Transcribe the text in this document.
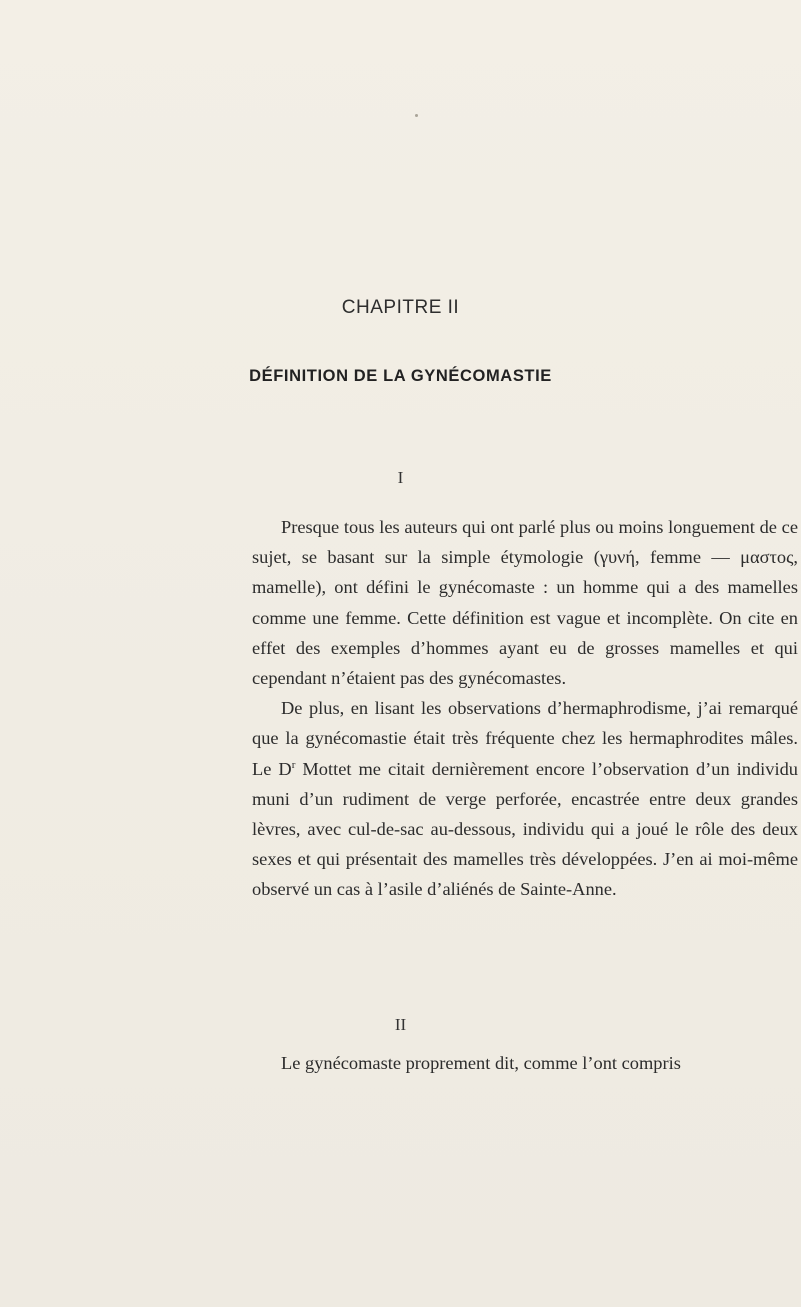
CHAPITRE II
DÉFINITION DE LA GYNÉCOMASTIE
I

Presque tous les auteurs qui ont parlé plus ou moins longuement de ce sujet, se basant sur la simple étymologie (γυνή, femme — μαστος, mamelle), ont défini le gynécomaste : un homme qui a des mamelles comme une femme. Cette définition est vague et incomplète. On cite en effet des exemples d’hommes ayant eu de grosses mamelles et qui cependant n’étaient pas des gynécomastes.

De plus, en lisant les observations d’hermaphrodisme, j’ai remarqué que la gynécomastie était très fréquente chez les hermaphrodites mâles. Le $D^r$ Mottet me citait dernièrement encore l’observation d’un individu muni d’un rudiment de verge perforée, encastrée entre deux grandes lèvres, avec cul-de-sac au-dessous, individu qui a joué le rôle des deux sexes et qui présentait des mamelles très développées. J’en ai moi-même observé un cas à l’asile d’aliénés de Sainte-Anne.

II

Le gynécomaste proprement dit, comme l’ont compris
